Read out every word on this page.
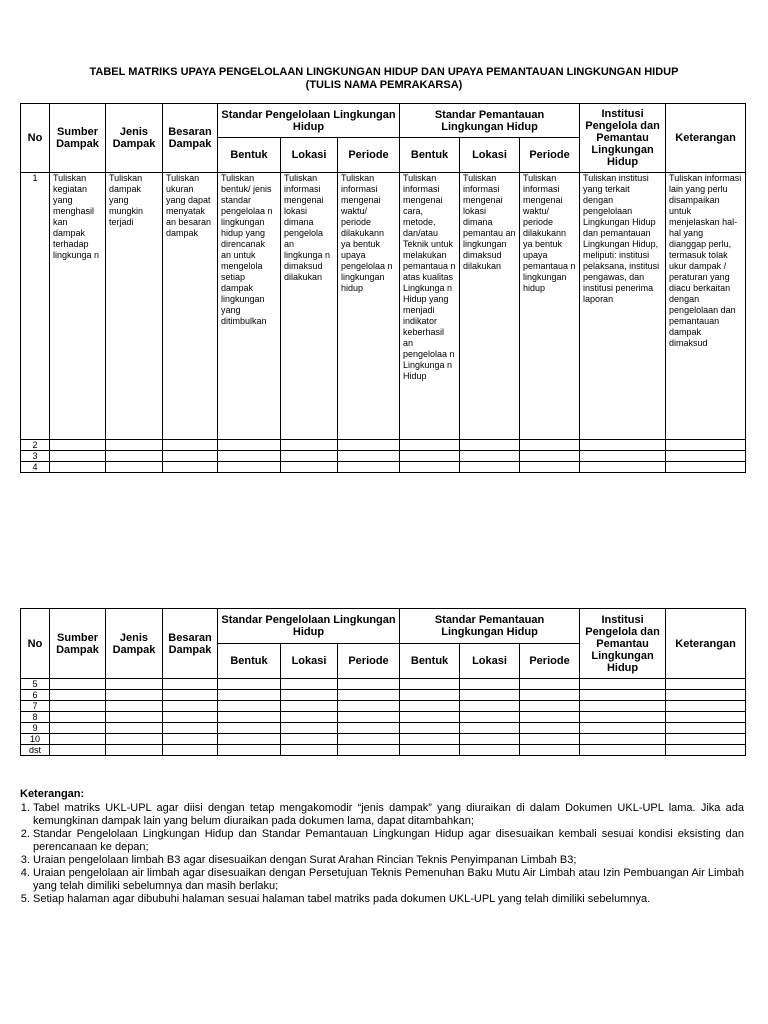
TABEL MATRIKS UPAYA PENGELOLAAN LINGKUNGAN HIDUP DAN UPAYA PEMANTAUAN LINGKUNGAN HIDUP
(TULIS NAMA PEMRAKARSA)
No	Sumber Dampak	Jenis Dampak	Besaran Dampak	Standar Pengelolaan Lingkungan Hidup			Standar Pemantauan Lingkungan Hidup			Institusi Pengelola dan Pemantau Lingkungan Hidup	Keterangan
				Bentuk	Lokasi	Periode	Bentuk	Lokasi	Periode		
1	Tuliskan kegiatan yang menghasil kan dampak terhadap lingkunga n	Tuliskan dampak yang mungkin terjadi	Tuliskan ukuran yang dapat menyatak an besaran dampak	Tuliskan bentuk/ jenis standar pengelolaa n lingkungan hidup yang direncanak an untuk mengelola setiap dampak lingkungan yang ditimbulkan	Tuliskan informasi mengenai lokasi dimana pengelola an lingkunga n dimaksud dilakukan	Tuliskan informasi mengenai waktu/ periode dilakukann ya bentuk upaya pengelolaa n lingkungan hidup	Tuliskan informasi mengenai cara, metode, dan/atau Teknik untuk melakukan pemantaua n atas kualitas Lingkunga n Hidup yang menjadi indikator keberhasil an pengelolaa n Lingkunga n Hidup	Tuliskan informasi mengenai lokasi dimana pemantau an lingkungan dimaksud dilakukan	Tuliskan informasi mengenai waktu/ periode dilakukann ya bentuk upaya pemantaua n lingkungan hidup	Tuliskan institusi yang terkait dengan pengelolaan Lingkungan Hidup dan pemantauan Lingkungan Hidup, meliputi: institusi pelaksana, institusi pengawas, dan institusi penerima laporan	Tuliskan informasi lain yang perlu disampaikan untuk menjelaskan hal-hal yang dianggap perlu, termasuk tolak ukur dampak / peraturan yang diacu berkaitan dengan pengelolaan dan pemantauan dampak dimaksud
2											
3											
4											
No	Sumber Dampak	Jenis Dampak	Besaran Dampak	Standar Pengelolaan Lingkungan Hidup			Standar Pemantauan Lingkungan Hidup			Institusi Pengelola dan Pemantau Lingkungan Hidup	Keterangan
				Bentuk	Lokasi	Periode	Bentuk	Lokasi	Periode		
5											
6											
7											
8											
9											
10											
dst											
Keterangan:
1. Tabel matriks UKL-UPL agar diisi dengan tetap mengakomodir “jenis dampak” yang diuraikan di dalam Dokumen UKL-UPL lama. Jika ada kemungkinan dampak lain yang belum diuraikan pada dokumen lama, dapat ditambahkan;
2. Standar Pengelolaan Lingkungan Hidup dan Standar Pemantauan Lingkungan Hidup agar disesuaikan kembali sesuai kondisi eksisting dan perencanaan ke depan;
3. Uraian pengelolaan limbah B3 agar disesuaikan dengan Surat Arahan Rincian Teknis Penyimpanan Limbah B3;
4. Uraian pengelolaan air limbah agar disesuaikan dengan Persetujuan Teknis Pemenuhan Baku Mutu Air Limbah atau Izin Pembuangan Air Limbah yang telah dimiliki sebelumnya dan masih berlaku;
5. Setiap halaman agar dibubuhi halaman sesuai halaman tabel matriks pada dokumen UKL-UPL yang telah dimiliki sebelumnya.
